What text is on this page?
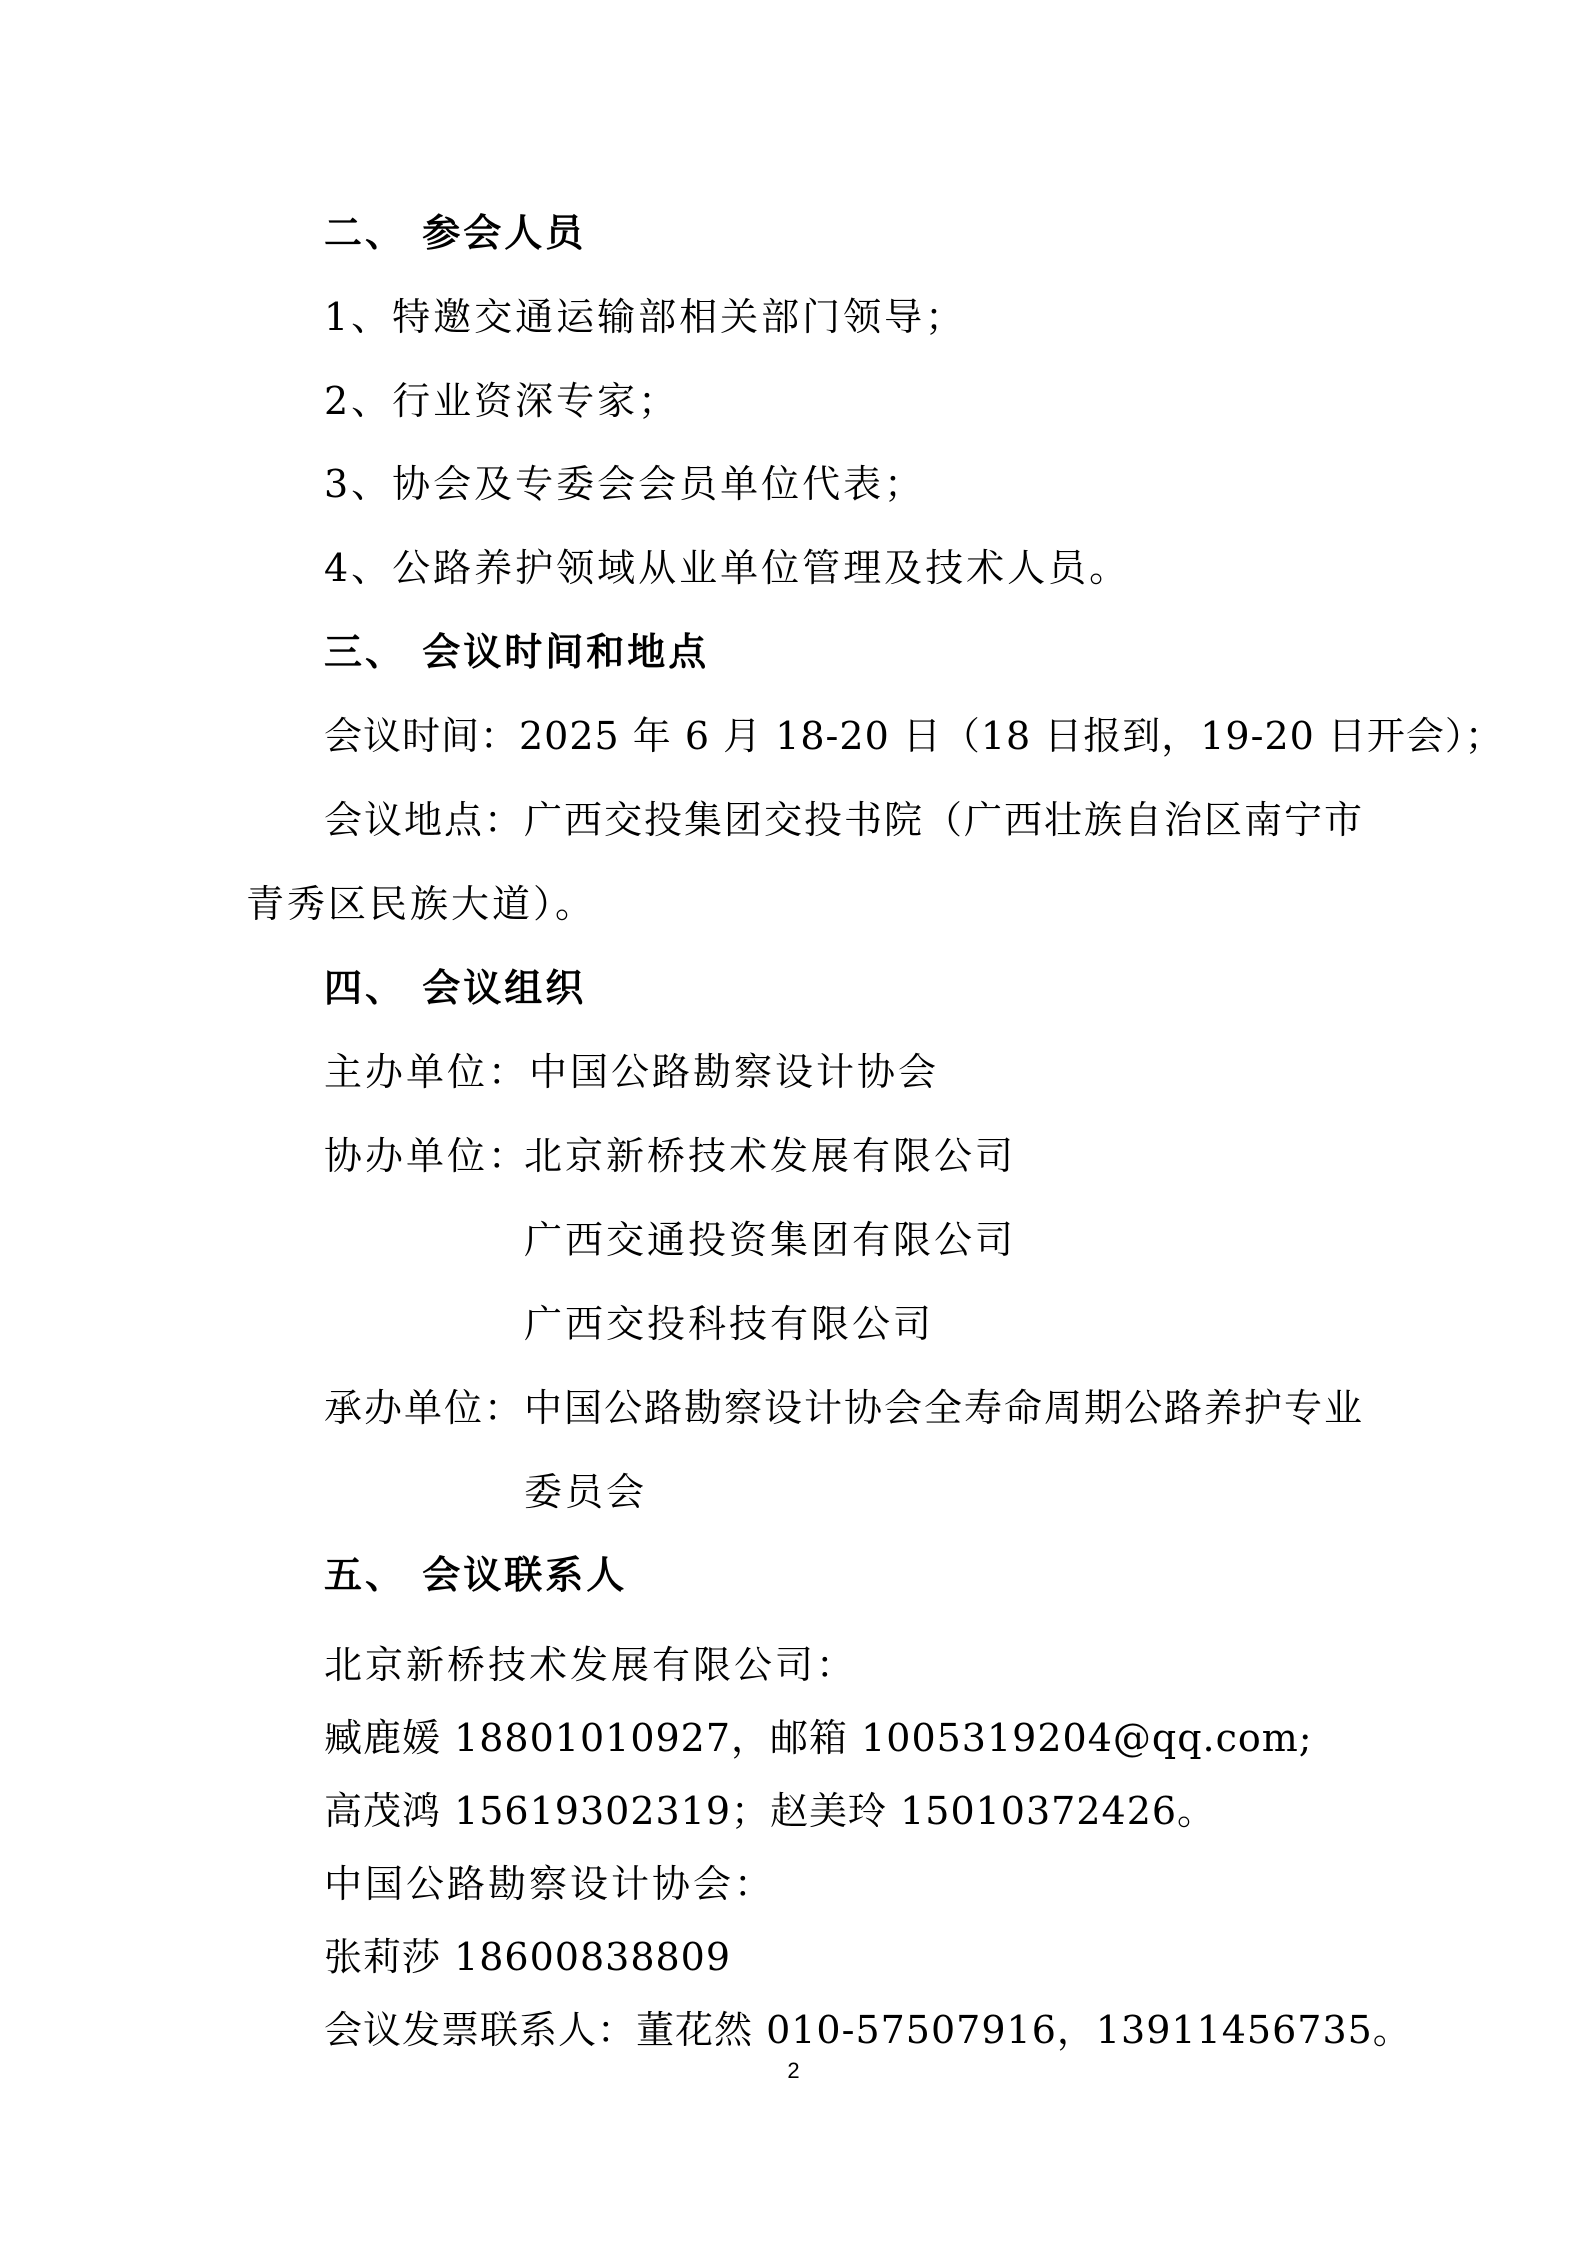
二、 参会人员
1、特邀交通运输部相关部门领导；
2、行业资深专家；
3、协会及专委会会员单位代表；
4、公路养护领域从业单位管理及技术人员。
三、 会议时间和地点
会议时间：2025 年 6 月 18-20 日（18 日报到，19-20 日开会）；
会议地点：广西交投集团交投书院（广西壮族自治区南宁市
青秀区民族大道）。
四、 会议组织
主办单位：中国公路勘察设计协会
协办单位：
北京新桥技术发展有限公司
广西交通投资集团有限公司
广西交投科技有限公司
承办单位：中国公路勘察设计协会全寿命周期公路养护专业
委员会
五、 会议联系人
北京新桥技术发展有限公司：
臧鹿媛 18801010927，邮箱 1005319204@qq.com;
高茂鸿 15619302319；赵美玲 15010372426。
中国公路勘察设计协会：
张莉莎 18600838809
会议发票联系人：董花然 010-57507916，13911456735。
2
